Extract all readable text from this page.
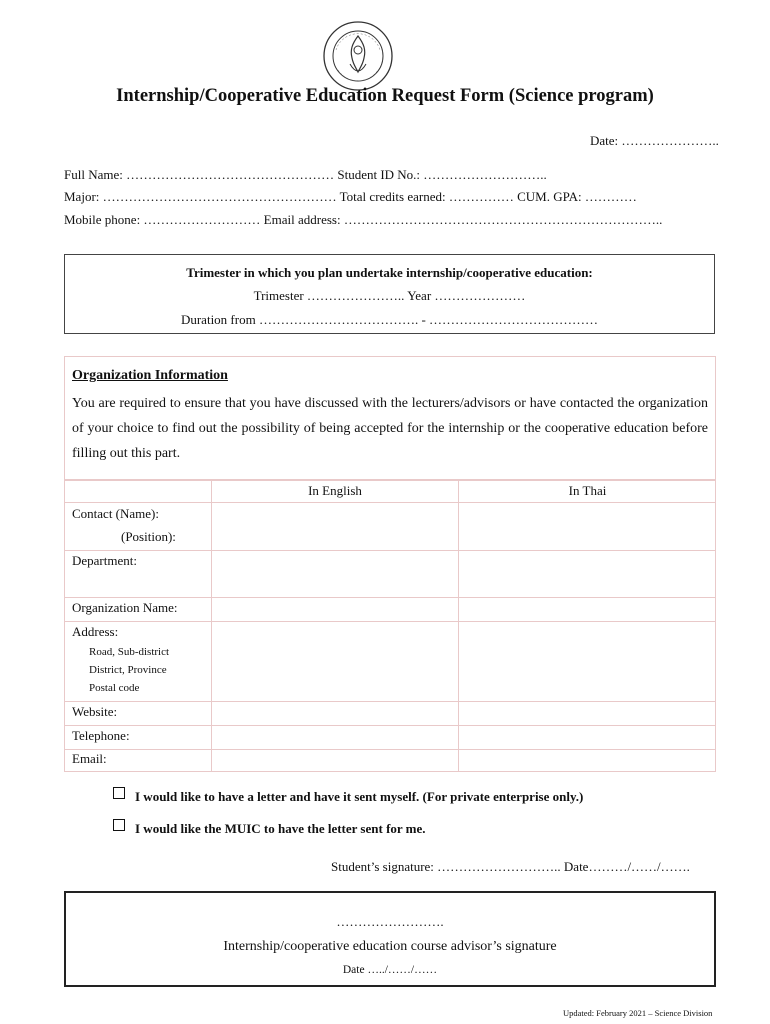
Internship/Cooperative Education Request Form (Science program)
Date: …………………..
Full Name: ………………………………………… Student ID No.: ………………………..
Major: ……………………………………………… Total credits earned: …………… CUM. GPA: …………
Mobile phone: ……………………… Email address: ………………………………………………………………..
Trimester in which you plan undertake internship/cooperative education:
Trimester ………………….. Year …………………
Duration from ………………………………. - …………………………………
Organization Information
You are required to ensure that you have discussed with the lecturers/advisors or have contacted the organization of your choice to find out the possibility of being accepted for the internship or the cooperative education before filling out this part.
In English	In Thai
Contact (Name):
(Position):
Department:
Organization Name:
Address:
Road, Sub-district
District, Province
Postal code
Website:
Telephone:
Email:
I would like to have a letter and have it sent myself. (For private enterprise only.)
I would like the MUIC to have the letter sent for me.
Student’s signature: ……………………….. Date………/……/…….
…………………….
Internship/cooperative education course advisor’s signature
Date …../……/……
Updated: February 2021 – Science Division
